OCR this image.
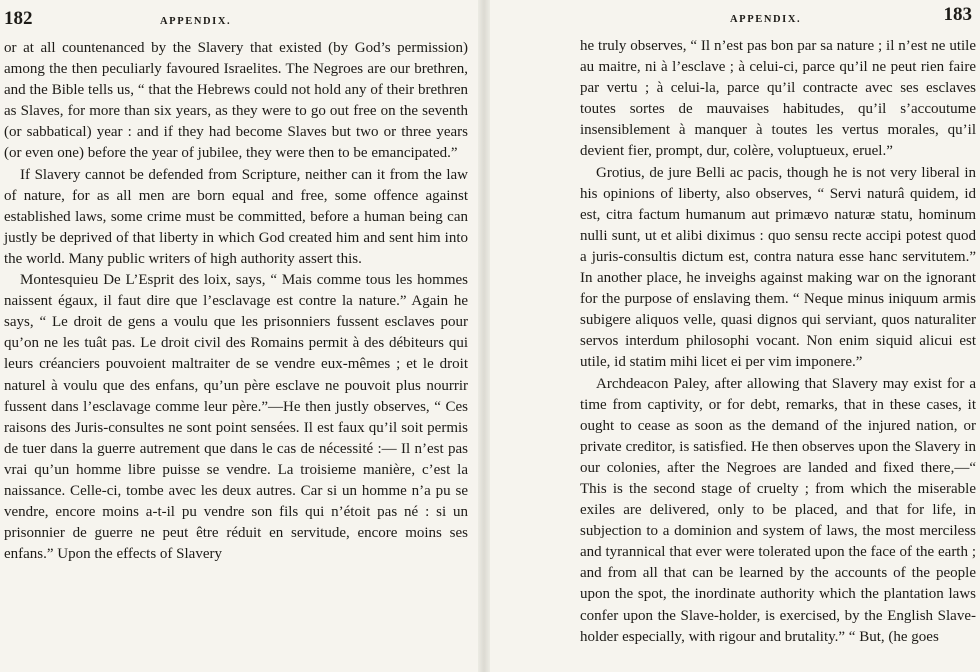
182	APPENDIX.

or at all countenanced by the Slavery that existed (by God’s permission) among the then peculiarly favoured Israelites. The Negroes are our brethren, and the Bible tells us, “ that the Hebrews could not hold any of their brethren as Slaves, for more than six years, as they were to go out free on the seventh (or sabbatical) year : and if they had become Slaves but two or three years (or even one) before the year of jubilee, they were then to be emancipated.”

If Slavery cannot be defended from Scripture, neither can it from the law of nature, for as all men are born equal and free, some offence against established laws, some crime must be committed, before a human being can justly be deprived of that liberty in which God created him and sent him into the world. Many public writers of high authority assert this.

Montesquieu De L’Esprit des loix, says, “ Mais comme tous les hommes naissent égaux, il faut dire que l’esclavage est contre la nature.” Again he says, “ Le droit de gens a voulu que les prisonniers fussent esclaves pour qu’on ne les tuât pas. Le droit civil des Romains permit à des débiteurs qui leurs créanciers pouvoient maltraiter de se vendre eux-mêmes ; et le droit naturel à voulu que des enfans, qu’un père esclave ne pouvoit plus nourrir fussent dans l’esclavage comme leur père.”—He then justly observes, “ Ces raisons des Juris-consultes ne sont point sensées. Il est faux qu’il soit permis de tuer dans la guerre autrement que dans le cas de nécessité :— Il n’est pas vrai qu’un homme libre puisse se vendre. La troisieme manière, c’est la naissance. Celle-ci, tombe avec les deux autres. Car si un homme n’a pu se vendre, encore moins a-t-il pu vendre son fils qui n’étoit pas né : si un prisonnier de guerre ne peut être réduit en servitude, encore moins ses enfans.” Upon the effects of Slavery

APPENDIX.	183

he truly observes, “ Il n’est pas bon par sa nature ; il n’est ne utile au maitre, ni à l’esclave ; à celui-ci, parce qu’il ne peut rien faire par vertu ; à celui-la, parce qu’il contracte avec ses esclaves toutes sortes de mauvaises habitudes, qu’il s’accoutume insensiblement à manquer à toutes les vertus morales, qu’il devient fier, prompt, dur, colère, voluptueux, eruel.”

Grotius, de jure Belli ac pacis, though he is not very liberal in his opinions of liberty, also observes, “ Servi naturâ quidem, id est, citra factum humanum aut primævo naturæ statu, hominum nulli sunt, ut et alibi diximus : quo sensu recte accipi potest quod a juris-consultis dictum est, contra natura esse hanc servitutem.” In another place, he inveighs against making war on the ignorant for the purpose of enslaving them. “ Neque minus iniquum armis subigere aliquos velle, quasi dignos qui serviant, quos naturaliter servos interdum philosophi vocant. Non enim siquid alicui est utile, id statim mihi licet ei per vim imponere.”

Archdeacon Paley, after allowing that Slavery may exist for a time from captivity, or for debt, remarks, that in these cases, it ought to cease as soon as the demand of the injured nation, or private creditor, is satisfied. He then observes upon the Slavery in our colonies, after the Negroes are landed and fixed there,—“ This is the second stage of cruelty ; from which the miserable exiles are delivered, only to be placed, and that for life, in subjection to a dominion and system of laws, the most merciless and tyrannical that ever were tolerated upon the face of the earth ; and from all that can be learned by the accounts of the people upon the spot, the inordinate authority which the plantation laws confer upon the Slave-holder, is exercised, by the English Slave-holder especially, with rigour and brutality.” “ But, (he goes
